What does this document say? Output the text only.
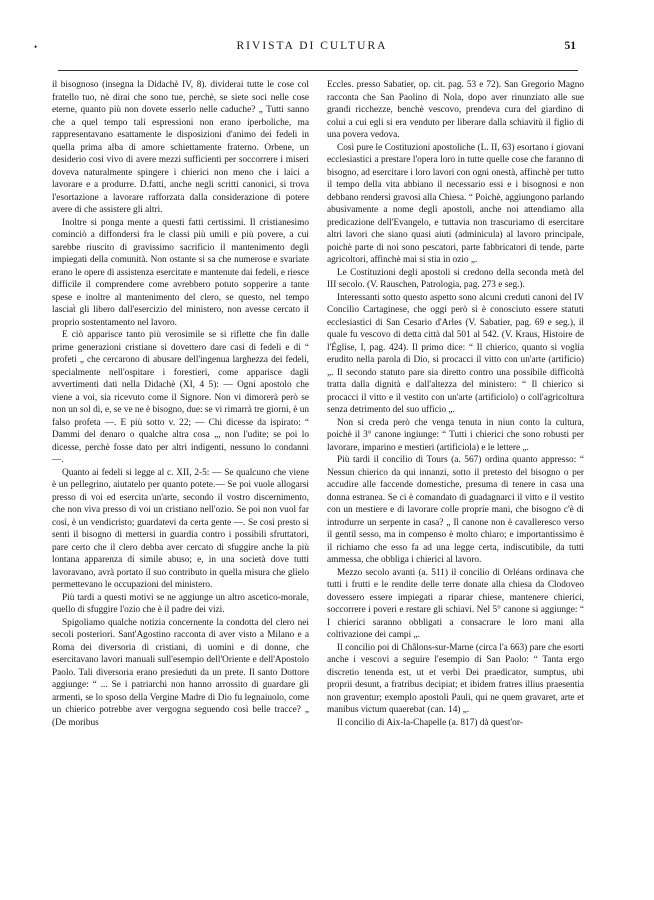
•	RIVISTA DI CULTURA	51

il bisognoso (insegna la Didachè IV, 8). dividerai tutte le cose col fratello tuo, nè dirai che sono tue, perchè, se siete soci nelle cose eterne, quanto più non dovete esserlo nelle caduche? „ Tutti sanno che a quel tempo tali espressioni non erano iperboliche, ma rappresentavano esattamente le disposizioni d'animo dei fedeli in quella prima alba di amore schiettamente fraterno. Orbene, un desiderio così vivo di avere mezzi sufficienti per soccorrere i miseri doveva naturalmente spingere i chierici non meno che i laici a lavorare e a produrre. D.fatti, anche negli scritti canonici, si trova l'esortazione a lavorare rafforzata dalla considerazione di potere avere di che assistere gli altri.

Inoltre si ponga mente a questi fatti certissimi. Il cristianesimo cominciò a diffondersi fra le classi più umili e più povere, a cui sarebbe riuscito di gravissimo sacrificio il mantenimento degli impiegati della comunità. Non ostante si sa che numerose e svariate erano le opere di assistenza esercitate e mantenute dai fedeli, e riesce difficile il comprendere come avrebbero potuto sopperire a tante spese e inoltre al mantenimento del clero, se questo, nel tempo lasciat̀ gli libero dall'esercizio del ministero, non avesse cercato il proprio sostentamento nel lavoro.

E ciò apparisce tanto più verosimile se si riflette che fin dalle prime generazioni cristiane si dovettero dare casi di fedeli e di “ profeti „ che cercarono di abusare dell'ingenua larghezza dei fedeli, specialmente nell'ospitare i forestieri, come apparisce dagli avvertimenti dati nella Didachè (XI, 4 5): — Ogni apostolo che viene a voi, sia ricevuto come il Signore. Non vi dimorerà però se non un sol dì, e, se ve ne è bisogno, due: se vi rimarrà tre giorni, è un falso profeta —. E più sotto v. 22; — Chi dicesse da ispirato: “ Dammi del denaro o qualche altra cosa „, non l'udite; se poi lo dicesse, perchè fosse dato per altri indigenti, nessuno lo condanni —.

Quanto ai fedeli si legge al c. XII, 2-5: — Se qualcuno che viene è un pellegrino, aiutatelo per quanto potete.— Se poi vuole allogarsi presso di voi ed esercita un'arte, secondo il vostro discernimento, che non viva presso di voi un cristiano nell'ozio. Se poi non vuol far così, è un vendicristo; guardatevi da certa gente —. Se così presto si senti il bisogno di mettersi in guardia contro i possibili sfruttatori, pare certo che il clero debba aver cercato di sfuggire anche la più lontana apparenza di simile abuso; e, in una società dove tutti lavoravano, avrà portato il suo contributo in quella misura che glielo permettevano le occupazioni del ministero.

Più tardi a questi motivi se ne aggiunge un altro ascetico-morale, quello di sfuggire l'ozio che è il padre dei vizi.

Spigoliamo qualche notizia concernente la condotta del clero nei secoli posteriori. Sant'Agostino racconta di aver visto a Milano e a Roma dei diversoria di cristiani, di uomini e di donne, che esercitavano lavori manuali sull'esempio dell'Oriente e dell'Apostolo Paolo. Tali diversoria erano presieduti da un prete. Il santo Dottore aggiunge: “ ... Se i patriarchi non hanno arrossito di guardare gli armenti, se lo sposo della Vergine Madre di Dio fu legnaiuolo, come un chierico potrebbe aver vergogna seguendo così belle tracce? „ (De moribus

Eccles. presso Sabatier, op. cit. pag. 53 e 72). San Gregorio Magno racconta che San Paolino di Nola, dopo aver rinunziato alle sue grandi ricchezze, benchè vescovo, prendeva cura del giardino di colui a cui egli si era venduto per liberare dalla schiavitù il figlio di una povera vedova.

Così pure le Costituzioni apostoliche (L. II, 63) esortano i giovani ecclesiastici a prestare l'opera loro in tutte quelle cose che faranno di bisogno, ad esercitare i loro lavori con ogni onestà, affinchè per tutto il tempo della vita abbiano il necessario essi e i bisognosi e non debbano rendersi gravosi alla Chiesa. “ Poichè, aggiungono parlando abusivamente a nome degli apostoli, anche noi attendiamo alla predicazione dell'Evangelo, e tuttavia non trascuriamo di esercitare altri lavori che siano quasi aiuti (adminicula) al lavoro principale, poichè parte di noi sono pescatori, parte fabbricatori di tende, parte agricoltori, affinchè mai si stia in ozio „.

Le Costituzioni degli apostoli si credono della seconda metà del III secolo. (V. Rauschen, Patrologia, pag. 273 e seg.).

Interessanti sotto questo aspetto sono alcuni creduti canoni del IV Concilio Cartaginese, che oggi però si è conosciuto essere statuti ecclesiastici di San Cesario d'Arles (V. Sabatier, pag. 69 e seg.), il quale fu vescovo di detta città dal 501 al 542. (V. Kraus, Histoire de l'Église, I, pag. 424). Il primo dice: “ Il chierico, quanto si voglia erudito nella parola di Dio, si procacci il vitto con un'arte (artificio) „. Il secondo statuto pare sia diretto contro una possibile difficoltà tratta dalla dignità e dall'altezza del ministero: “ Il chierico si procacci il vitto e il vestito con un'arte (artificiolo) o coll'agricoltura senza detrimento del suo ufficio „.

Non si creda però che venga tenuta in niun conto la cultura, poichè il 3° canone ingiunge: “ Tutti i chierici che sono robusti per lavorare, imparino e mestieri (artificiola) e le lettere „.

Più tardi il concilio di Tours (a. 567) ordina quanto appresso: “ Nessun chierico da qui innanzi, sotto il pretesto del bisogno o per accudire alle faccende domestiche, presuma di tenere in casa una donna estranea. Se ci è comandato di guadagnarci il vitto e il vestito con un mestiere e di lavorare colle proprie mani, che bisogno c'è di introdurre un serpente in casa? „ Il canone non è cavalleresco verso il gentil sesso, ma in compenso è molto chiaro; e importantissimo è il richiamo che esso fa ad una legge certa, indiscutibile, da tutti ammessa, che obbliga i chierici al lavoro.

Mezzo secolo avanti (a. 511) il concilio di Orléans ordinava che tutti i frutti e le rendite delle terre donate alla chiesa da Clodoveo dovessero essere impiegati a riparar chiese, mantenere chierici, soccorrere i poveri e restare gli schiavi. Nel 5° canone si aggiunge: “ I chierici saranno obbligati a consacrare le loro mani alla coltivazione dei campi „.

Il concilio poi di Châlons-sur-Marne (circa l'a 663) pare che esorti anche i vescovi a seguire l'esempio di San Paolo: “ Tanta ergo discretio tenenda est, ut et verbi Dei praedicator, sumptus, ubi proprii desunt, a fratribus decipiat; et ibidem fratres illius praesentia non graventur; exemplo apostoli Pauli, qui ne quem gravaret, arte et manibus victum quaerebat (can. 14) „.

Il concilio di Aix-la-Chapelle (a. 817) dà quest'or-
